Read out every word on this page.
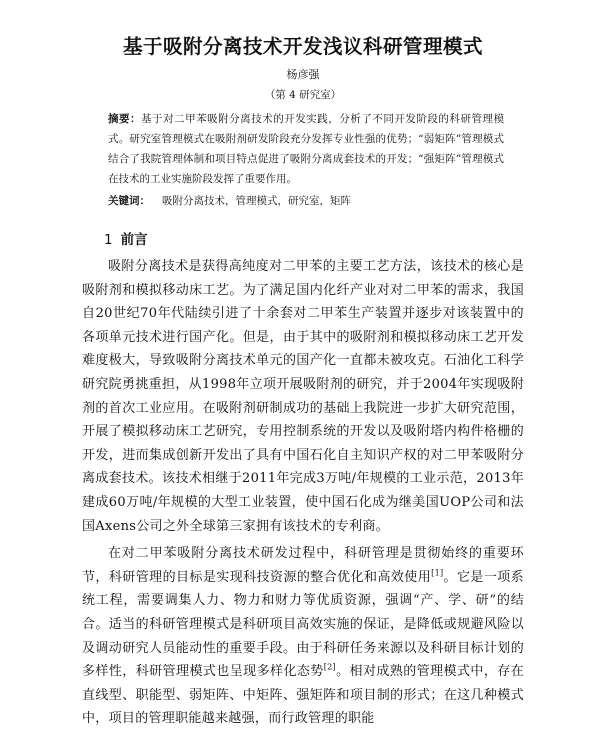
基于吸附分离技术开发浅议科研管理模式
杨彦强
（第 4 研究室）
摘要：基于对二甲苯吸附分离技术的开发实践，分析了不同开发阶段的科研管理模式。研究室管理模式在吸附剂研发阶段充分发挥专业性强的优势；“弱矩阵”管理模式结合了我院管理体制和项目特点促进了吸附分离成套技术的开发；“强矩阵”管理模式在技术的工业实施阶段发挥了重要作用。
关键词： 吸附分离技术，管理模式，研究室，矩阵
1 前言

吸附分离技术是获得高纯度对二甲苯的主要工艺方法，该技术的核心是吸附剂和模拟移动床工艺。为了满足国内化纤产业对对二甲苯的需求，我国自20世纪70年代陆续引进了十余套对二甲苯生产装置并逐步对该装置中的各项单元技术进行国产化。但是，由于其中的吸附剂和模拟移动床工艺开发难度极大，导致吸附分离技术单元的国产化一直都未被攻克。石油化工科学研究院勇挑重担，从1998年立项开展吸附剂的研究，并于2004年实现吸附剂的首次工业应用。在吸附剂研制成功的基础上我院进一步扩大研究范围，开展了模拟移动床工艺研究，专用控制系统的开发以及吸附塔内构件格栅的开发，进而集成创新开发出了具有中国石化自主知识产权的对二甲苯吸附分离成套技术。该技术相继于2011年完成3万吨/年规模的工业示范，2013年建成60万吨/年规模的大型工业装置，使中国石化成为继美国UOP公司和法国Axens公司之外全球第三家拥有该技术的专利商。

在对二甲苯吸附分离技术研发过程中，科研管理是贯彻始终的重要环节，科研管理的目标是实现科技资源的整合优化和高效使用[1]。它是一项系统工程，需要调集人力、物力和财力等优质资源，强调“产、学、研”的结合。适当的科研管理模式是科研项目高效实施的保证，是降低或规避风险以及调动研究人员能动性的重要手段。由于科研任务来源以及科研目标计划的多样性，科研管理模式也呈现多样化态势[2]。相对成熟的管理模式中，存在直线型、职能型、弱矩阵、中矩阵、强矩阵和项目制的形式；在这几种模式中，项目的管理职能越来越强，而行政管理的职能
